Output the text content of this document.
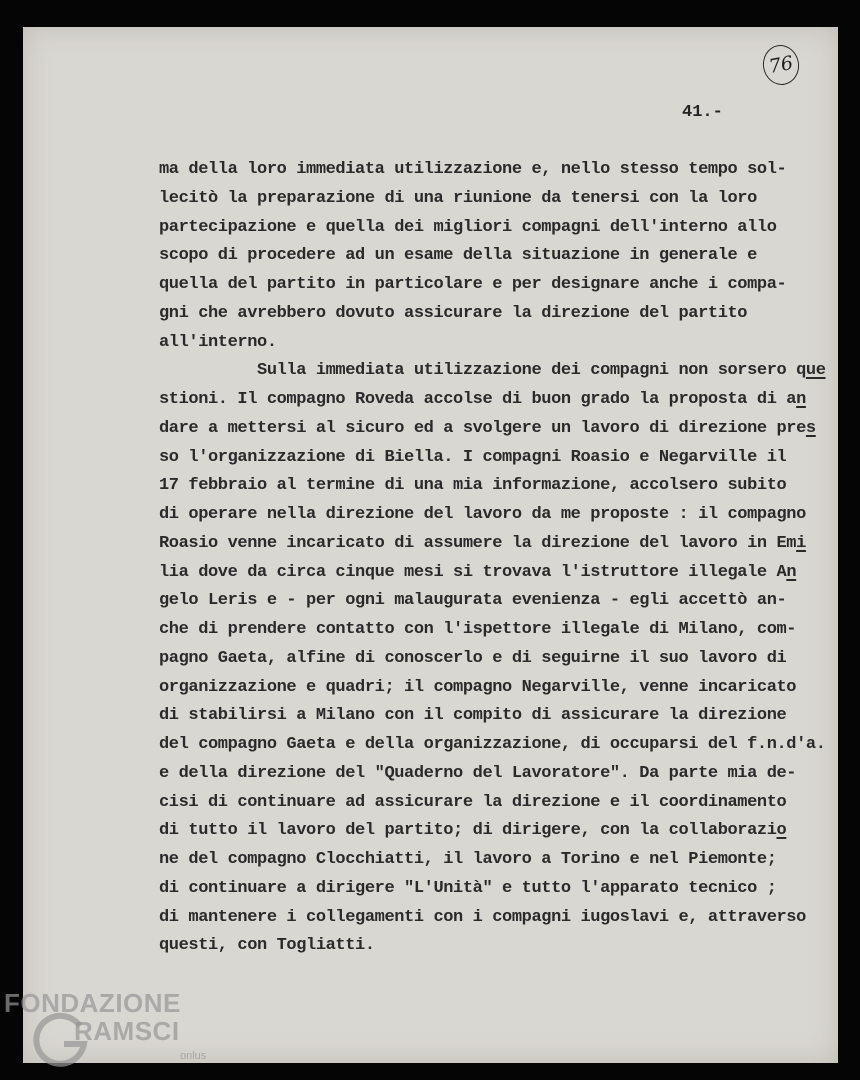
76
41.-
ma della loro immediata utilizzazione e, nello stesso tempo sol-
lecitò la preparazione di una riunione da tenersi con la loro
partecipazione e quella dei migliori compagni dell'interno allo
scopo di procedere ad un esame della situazione in generale e
quella del partito in particolare e per designare anche i compa-
gni che avrebbero dovuto assicurare la direzione del partito
all'interno.
Sulla immediata utilizzazione dei compagni non sorsero que
stioni. Il compagno Roveda accolse di buon grado la proposta di an
dare a mettersi al sicuro ed a svolgere un lavoro di direzione pres
so l'organizzazione di Biella. I compagni Roasio e Negarville il
17 febbraio al termine di una mia informazione, accolsero subito
di operare nella direzione del lavoro da me proposte : il compagno
Roasio venne incaricato di assumere la direzione del lavoro in Emi
lia dove da circa cinque mesi si trovava l'istruttore illegale An
gelo Leris e - per ogni malaugurata evenienza - egli accettò an-
che di prendere contatto con l'ispettore illegale di Milano, com-
pagno Gaeta, alfine di conoscerlo e di seguirne il suo lavoro di
organizzazione e quadri; il compagno Negarville, venne incaricato
di stabilirsi a Milano con il compito di assicurare la direzione
del compagno Gaeta e della organizzazione, di occuparsi del f.n.d'a.
e della direzione del "Quaderno del Lavoratore". Da parte mia de-
cisi di continuare ad assicurare la direzione e il coordinamento
di tutto il lavoro del partito; di dirigere, con la collaborazio
ne del compagno Clocchiatti, il lavoro a Torino e nel Piemonte;
di continuare a dirigere "L'Unità" e tutto l'apparato tecnico ;
di mantenere i collegamenti con i compagni iugoslavi e, attraverso
questi, con Togliatti.
FONDAZIONE
RAMSCI
onlus
